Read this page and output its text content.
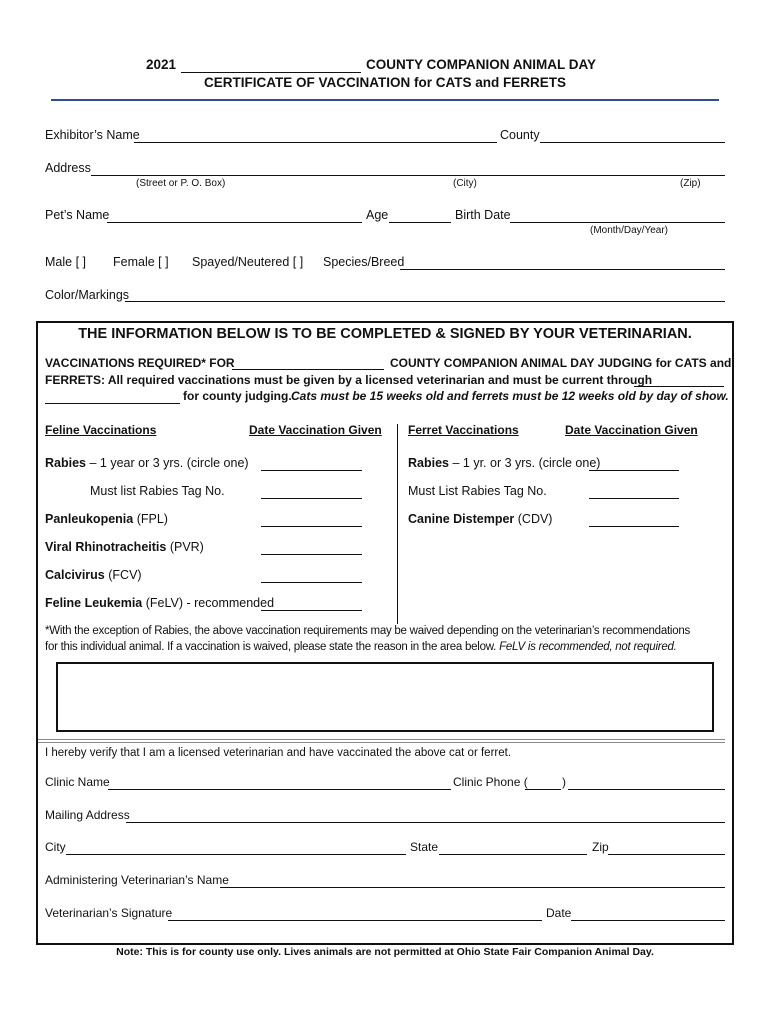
2021	COUNTY COMPANION ANIMAL DAY
CERTIFICATE OF VACCINATION for CATS and FERRETS
Exhibitor’s Name	County
Address
(Street or P. O. Box)	(City)	(Zip)
Pet’s Name	Age	Birth Date
(Month/Day/Year)
Male [ ] Female [ ] Spayed/Neutered [ ] Species/Breed
Color/Markings
THE INFORMATION BELOW IS TO BE COMPLETED & SIGNED BY YOUR VETERINARIAN.
VACCINATIONS REQUIRED* FOR	COUNTY COMPANION ANIMAL DAY JUDGING for CATS and
FERRETS: All required vaccinations must be given by a licensed veterinarian and must be current through
for county judging. Cats must be 15 weeks old and ferrets must be 12 weeks old by day of show.
Feline Vaccinations	Date Vaccination Given
Rabies – 1 year or 3 yrs. (circle one)
Must list Rabies Tag No.
Panleukopenia (FPL)
Viral Rhinotracheitis (PVR)
Calcivirus (FCV)
Feline Leukemia (FeLV) - recommended
Ferret Vaccinations	Date Vaccination Given
Rabies – 1 yr. or 3 yrs. (circle one)
Must List Rabies Tag No.
Canine Distemper (CDV)
*With the exception of Rabies, the above vaccination requirements may be waived depending on the veterinarian’s recommendations
for this individual animal. If a vaccination is waived, please state the reason in the area below. FeLV is recommended, not required.
I hereby verify that I am a licensed veterinarian and have vaccinated the above cat or ferret.
Clinic Name	Clinic Phone (	)
Mailing Address
City	State	Zip
Administering Veterinarian’s Name
Veterinarian’s Signature	Date
Note: This is for county use only. Lives animals are not permitted at Ohio State Fair Companion Animal Day.
